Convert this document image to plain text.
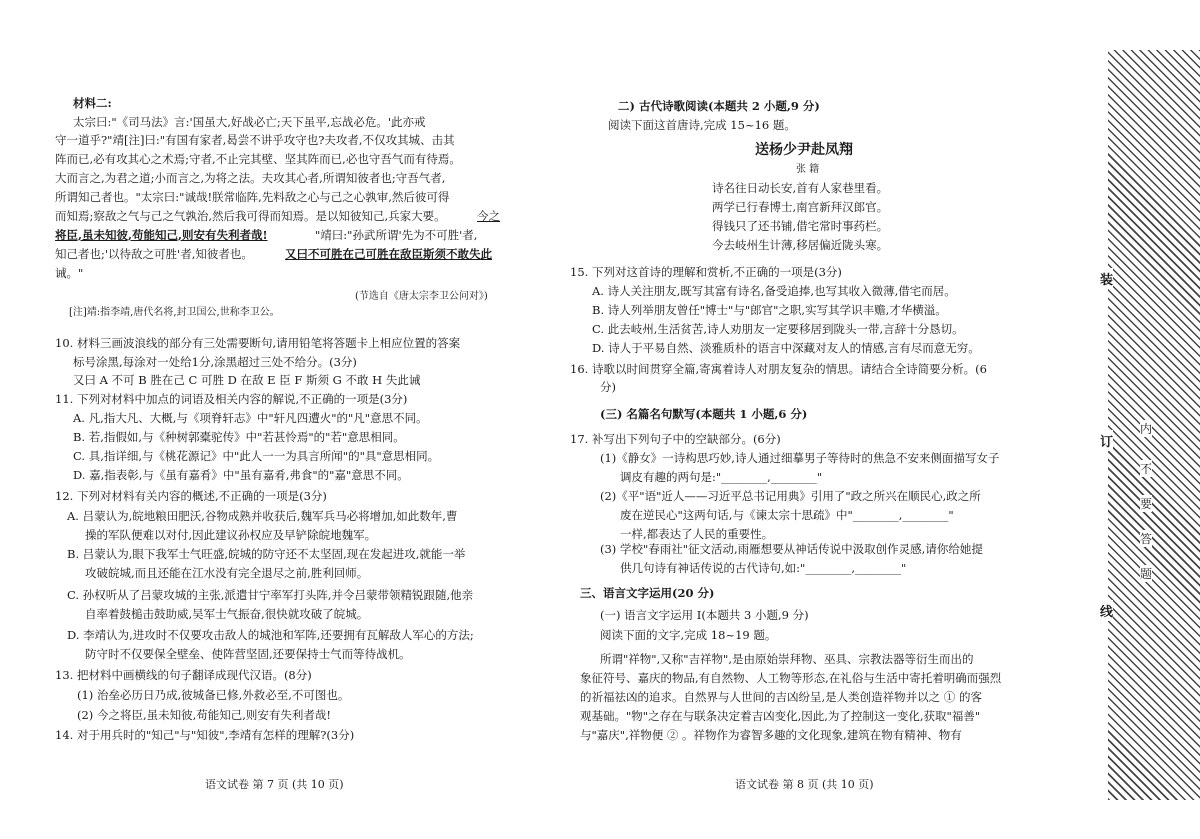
材料二:
太宗曰:"《司马法》言:'国虽大,好战必亡;天下虽平,忘战必危。'此亦戒
守一道乎?"靖[注]曰:"有国有家者,曷尝不讲乎攻守也?夫攻者,不仅攻其城、击其
阵而已,必有攻其心之术焉;守者,不止完其壁、坚其阵而已,必也守吾气而有待焉。
大而言之,为君之道;小而言之,为将之法。夫攻其心者,所谓知彼者也;守吾气者,
所谓知己者也。"太宗曰:"诚哉!朕常临阵,先料敌之心与己之心孰审,然后彼可得
而知焉;察敌之气与己之气孰治,然后我可得而知焉。是以知彼知己,兵家大要。	今之
将臣,虽未知彼,苟能知己,则安有失利者哉!	"靖曰:"孙武所谓'先为不可胜'者,
知己者也;'以待敌之可胜'者,知彼者也。	又曰不可胜在己可胜在敌臣斯须不敢失此
诫。"
(节选自《唐太宗李卫公问对》)
[注]靖:指李靖,唐代名将,封卫国公,世称李卫公。
10. 材料三画波浪线的部分有三处需要断句,请用铅笔将答题卡上相应位置的答案
标号涂黑,每涂对一处给1分,涂黑超过三处不给分。(3分)
又曰 A 不可 B 胜在己 C 可胜 D 在敌 E 臣 F 斯须 G 不敢 H 失此诫
11. 下列对材料中加点的词语及相关内容的解说,不正确的一项是(3分)
A. 凡,指大凡、大概,与《项脊轩志》中"轩凡四遭火"的"凡"意思不同。
B. 若,指假如,与《种树郭橐驼传》中"若甚怜焉"的"若"意思相同。
C. 具,指详细,与《桃花源记》中"此人一一为具言所闻"的"具"意思相同。
D. 嘉,指表彰,与《虽有嘉肴》中"虽有嘉肴,弗食"的"嘉"意思不同。
12. 下列对材料有关内容的概述,不正确的一项是(3分)
A. 吕蒙认为,皖地粮田肥沃,谷物成熟并收获后,魏军兵马必将增加,如此数年,曹
操的军队便难以对付,因此建议孙权应及早铲除皖地魏军。
B. 吕蒙认为,眼下我军士气旺盛,皖城的防守还不太坚固,现在发起进攻,就能一举
攻破皖城,而且还能在江水没有完全退尽之前,胜利回师。
C. 孙权听从了吕蒙攻城的主张,派遣甘宁率军打头阵,并令吕蒙带领精锐跟随,他亲
自率着鼓槌击鼓助威,吴军士气振奋,很快就攻破了皖城。
D. 李靖认为,进攻时不仅要攻击敌人的城池和军阵,还要拥有瓦解敌人军心的方法;
防守时不仅要保全壁垒、使阵营坚固,还要保持士气而等待战机。
13. 把材料中画横线的句子翻译成现代汉语。(8分)
(1) 治垒必历日乃成,彼城备已修,外救必至,不可图也。
(2) 今之将臣,虽未知彼,苟能知己,则安有失利者哉!
14. 对于用兵时的"知己"与"知彼",李靖有怎样的理解?(3分)
语文试卷 第 7 页 (共 10 页)
二) 古代诗歌阅读(本题共 2 小题,9 分)
阅读下面这首唐诗,完成 15~16 题。
送杨少尹赴凤翔
张 籍
诗名往日动长安,首有人家巷里看。
两学已行春博士,南宫新拜汉郎官。
得钱只了还书铺,借宅常时事药栏。
今去岐州生计薄,移居偏近陇头寒。
15. 下列对这首诗的理解和赏析,不正确的一项是(3分)
A. 诗人关注朋友,既写其富有诗名,备受追捧,也写其收入微薄,借宅而居。
B. 诗人列举朋友曾任"博士"与"郎官"之职,实写其学识丰赡,才华横溢。
C. 此去岐州,生活贫苦,诗人劝朋友一定要移居到陇头一带,言辞十分恳切。
D. 诗人于平易自然、淡雅质朴的语言中深藏对友人的情感,言有尽而意无穷。
16. 诗歌以时间贯穿全篇,寄寓着诗人对朋友复杂的情思。请结合全诗简要分析。(6
分)
(三) 名篇名句默写(本题共 1 小题,6 分)
17. 补写出下列句子中的空缺部分。(6分)
(1)《静女》一诗构思巧妙,诗人通过细摹男子等待时的焦急不安来侧面描写女子
调皮有趣的两句是:"________,________"
(2)《平"语"近人——习近平总书记用典》引用了"政之所兴在顺民心,政之所
废在逆民心"这两句话,与《谏太宗十思疏》中"________,________"
一样,都表达了人民的重要性。
(3) 学校"春雨社"征文活动,雨雁想要从神话传说中汲取创作灵感,请你给她提
供几句诗有神话传说的古代诗句,如:"________,________"
三、语言文字运用(20 分)
(一) 语言文字运用 I(本题共 3 小题,9 分)
阅读下面的文字,完成 18~19 题。
所谓"祥物",又称"吉祥物",是由原始崇拜物、巫具、宗教法器等衍生而出的
象征符号、嘉庆的物品,有自然物、人工物等形态,在礼俗与生活中寄托着明确而强烈
的祈福祛凶的追求。自然界与人世间的吉凶纷呈,是人类创造祥物并以之 ① 的客
观基础。"物"之存在与联条决定着吉凶变化,因此,为了控制这一变化,获取"福善"
与"嘉庆",祥物便 ② 。祥物作为睿智多趣的文化现象,建筑在物有精神、物有
语文试卷 第 8 页 (共 10 页)
装
订
线
内
不
要
答
题
